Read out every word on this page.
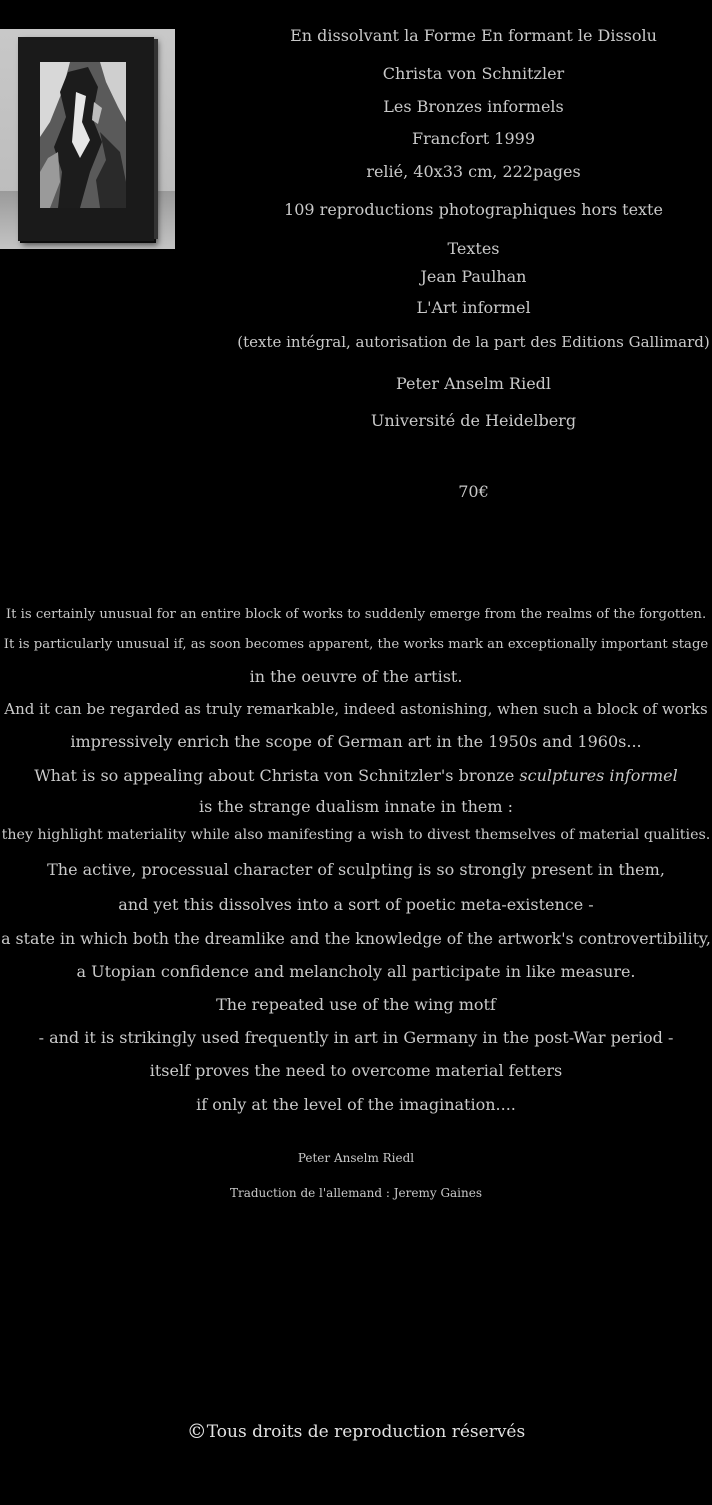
En dissolvant la Forme En formant le Dissolu
Christa von Schnitzler
Les Bronzes informels
Francfort 1999
relié, 40x33 cm, 222pages
109 reproductions photographiques hors texte
Textes
Jean Paulhan
L'Art informel
(texte intégral, autorisation de la part des Editions Gallimard)
Peter Anselm Riedl
Université de Heidelberg
70€
It is certainly unusual for an entire block of works to suddenly emerge from the realms of the forgotten.
It is particularly unusual if, as soon becomes apparent, the works mark an exceptionally important stage
in the oeuvre of the artist.
And it can be regarded as truly remarkable, indeed astonishing, when such a block of works
impressively enrich the scope of German art in the 1950s and 1960s...
What is so appealing about Christa von Schnitzler's bronze sculptures informel
is the strange dualism innate in them :
they highlight materiality while also manifesting a wish to divest themselves of material qualities.
The active, processual character of sculpting is so strongly present in them,
and yet this dissolves into a sort of poetic meta-existence -
a state in which both the dreamlike and the knowledge of the artwork's controvertibility,
a Utopian confidence and melancholy all participate in like measure.
The repeated use of the wing motf
- and it is strikingly used frequently in art in Germany in the post-War period -
itself proves the need to overcome material fetters
if only at the level of the imagination....
Peter Anselm Riedl
Traduction de l'allemand : Jeremy Gaines
©Tous droits de reproduction réservés
